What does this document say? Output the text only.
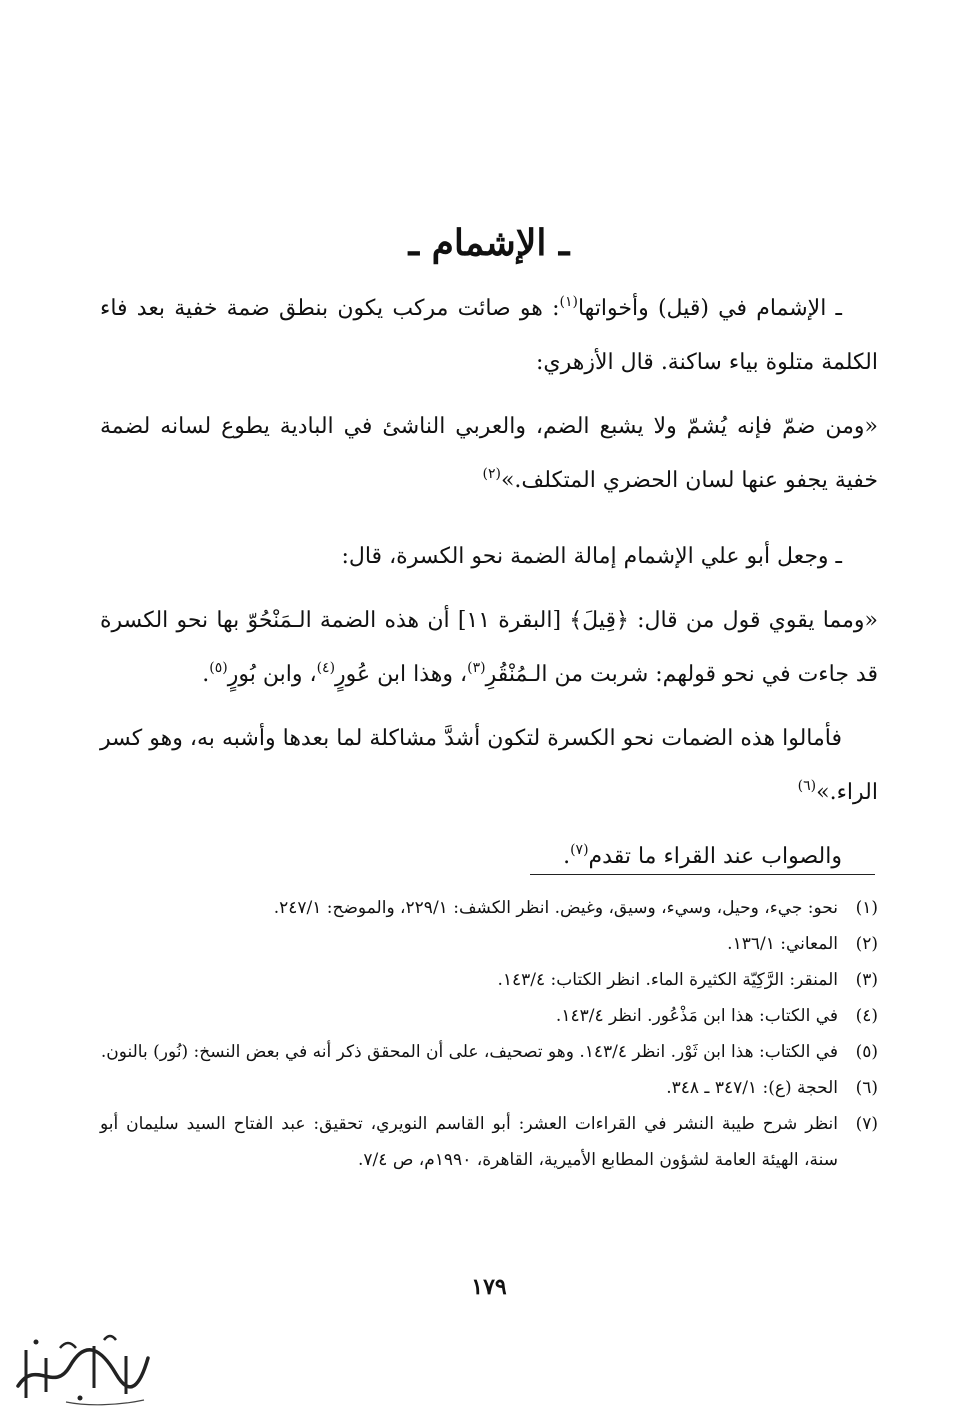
ـ الإشمام ـ

ـ الإشمام في (قيل) وأخواتها$^{(١)}$: هو صائت مركب يكون بنطق ضمة خفية بعد فاء الكلمة متلوة بياء ساكنة. قال الأزهري:

«ومن ضمّ فإنه يُشمّ ولا يشبع الضم، والعربي الناشئ في البادية يطوع لسانه لضمة خفية يجفو عنها لسان الحضري المتكلف.»$^{(٢)}$

ـ وجعل أبو علي الإشمام إمالة الضمة نحو الكسرة، قال:

«ومما يقوي قول من قال: ﴿قِيلَ﴾ [البقرة ١١] أن هذه الضمة الـمَنْحُوّ بها نحو الكسرة قد جاءت في نحو قولهم: شربت من الـمُنْقُرِ$^{(٣)}$، وهذا ابن عُورٍ$^{(٤)}$، وابن بُورٍ$^{(٥)}$.

فأمالوا هذه الضمات نحو الكسرة لتكون أشدَّ مشاكلة لما بعدها وأشبه به، وهو كسر الراء.»$^{(٦)}$

والصواب عند القراء ما تقدم$^{(٧)}$.

(١)
نحو: جيء، وحيل، وسيء، وسيق، وغيض. انظر الكشف: ٢٢٩/١، والموضح: ٢٤٧/١.
(٢)
المعاني: ١٣٦/١.
(٣)
المنقر: الرَّكِيّة الكثيرة الماء. انظر الكتاب: ١٤٣/٤.
(٤)
في الكتاب: هذا ابن مَذْعُور. انظر ١٤٣/٤.
(٥)
في الكتاب: هذا ابن ثَوْر. انظر ١٤٣/٤. وهو تصحيف، على أن المحقق ذكر أنه في بعض النسخ: (نُور) بالنون.
(٦)
الحجة (ع): ٣٤٧/١ ـ ٣٤٨.
(٧)
انظر شرح طيبة النشر في القراءات العشر: أبو القاسم النويري، تحقيق: عبد الفتاح السيد سليمان أبو سنة، الهيئة العامة لشؤون المطابع الأميرية، القاهرة، ١٩٩٠م، ص ٧/٤.
١٧٩
